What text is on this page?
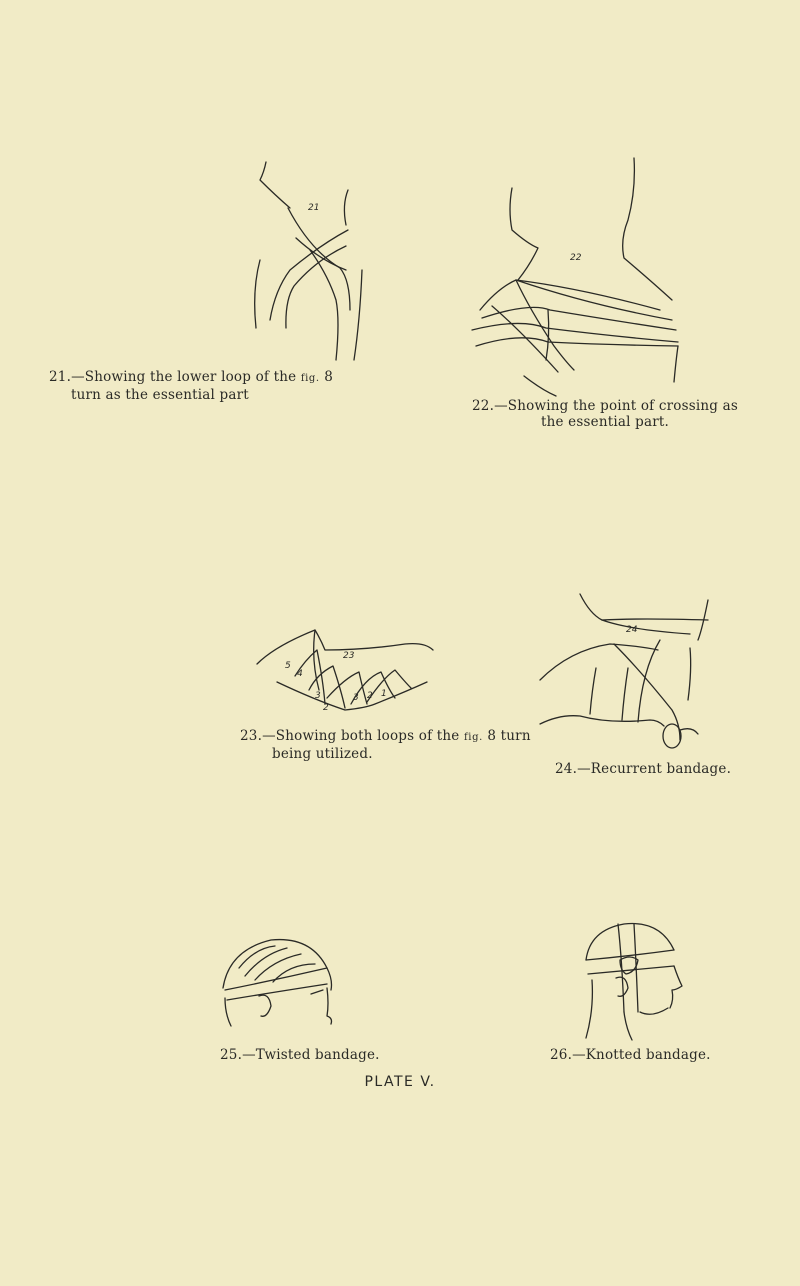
21
21.—Showing the lower loop of the fig. 8
turn as the essential part
22
22.—Showing the point of crossing as
the essential part.
5
4
3
2
3 2 1
23
23.—Showing both loops of the fig. 8 turn
being utilized.
24
24.—Recurrent bandage.
25.—Twisted bandage.	26.—Knotted bandage.
PLATE V.
